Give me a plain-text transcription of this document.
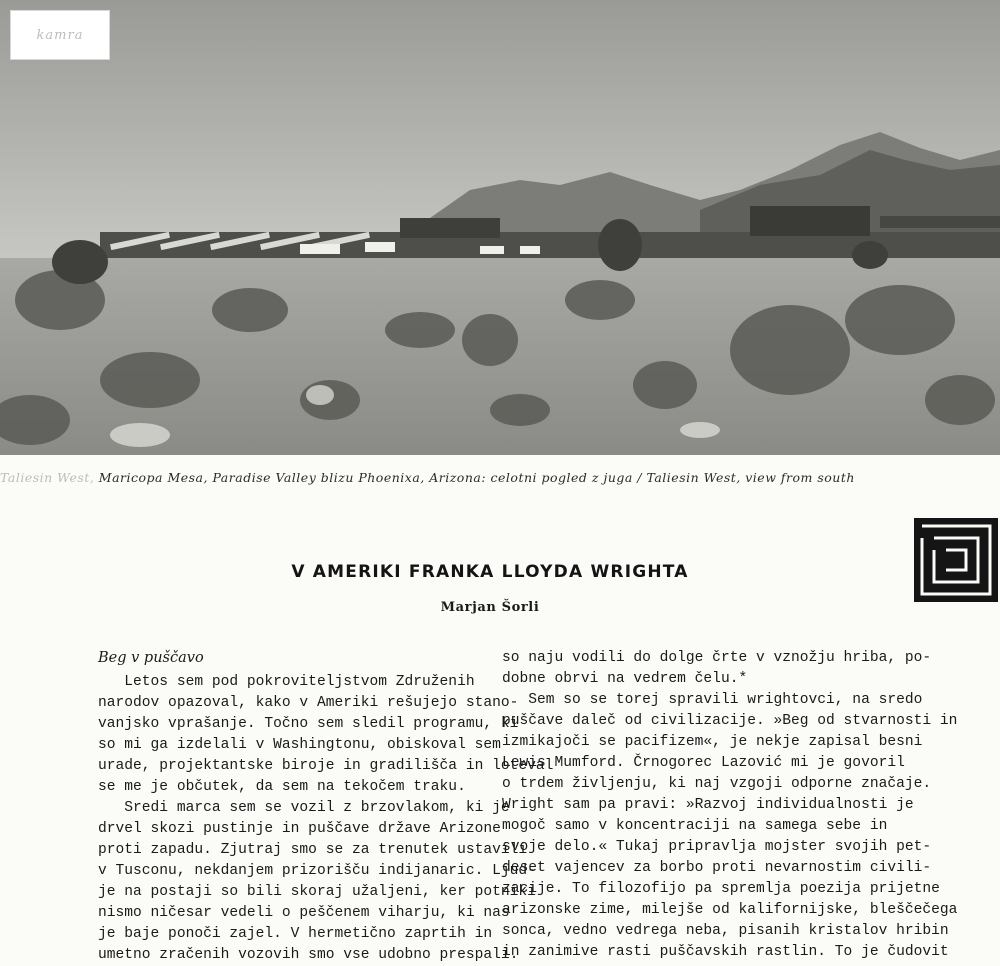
kamra
Taliesin West, Maricopa Mesa, Paradise Valley blizu Phoenixa, Arizona: celotni pogled z juga / Taliesin West, view from south
V AMERIKI FRANKA LLOYDA WRIGHTA
Marjan Šorli
Beg v puščavo
Letos sem pod pokroviteljstvom Združenih
narodov opazoval, kako v Ameriki rešujejo stano-
vanjsko vprašanje. Točno sem sledil programu, ki
so mi ga izdelali v Washingtonu, obiskoval sem
urade, projektantske biroje in gradilišča in loteval
se me je občutek, da sem na tekočem traku.
Sredi marca sem se vozil z brzovlakom, ki je
drvel skozi pustinje in puščave države Arizone
proti zapadu. Zjutraj smo se za trenutek ustavili
v Tusconu, nekdanjem prizorišču indijanaric. Ljud-
je na postaji so bili skoraj užaljeni, ker potniki
nismo ničesar vedeli o peščenem viharju, ki nas
je baje ponoči zajel. V hermetično zaprtih in
umetno zračenih vozovih smo vse udobno prespali.
so naju vodili do dolge črte v vznožju hriba, po-
dobne obrvi na vedrem čelu.*
Sem so se torej spravili wrightovci, na sredo
puščave daleč od civilizacije. »Beg od stvarnosti in
izmikajoči se pacifizem«, je nekje zapisal besni
Lewis Mumford. Črnogorec Lazović mi je govoril
o trdem življenju, ki naj vzgoji odporne značaje.
Wright sam pa pravi: »Razvoj individualnosti je
mogoč samo v koncentraciji na samega sebe in
svoje delo.« Tukaj pripravlja mojster svojih pet-
deset vajencev za borbo proti nevarnostim civili-
zacije. To filozofijo pa spremlja poezija prijetne
arizonske zime, milejše od kalifornijske, bleščečega
sonca, vedno vedrega neba, pisanih kristalov hribin
in zanimive rasti puščavskih rastlin. To je čudovit
